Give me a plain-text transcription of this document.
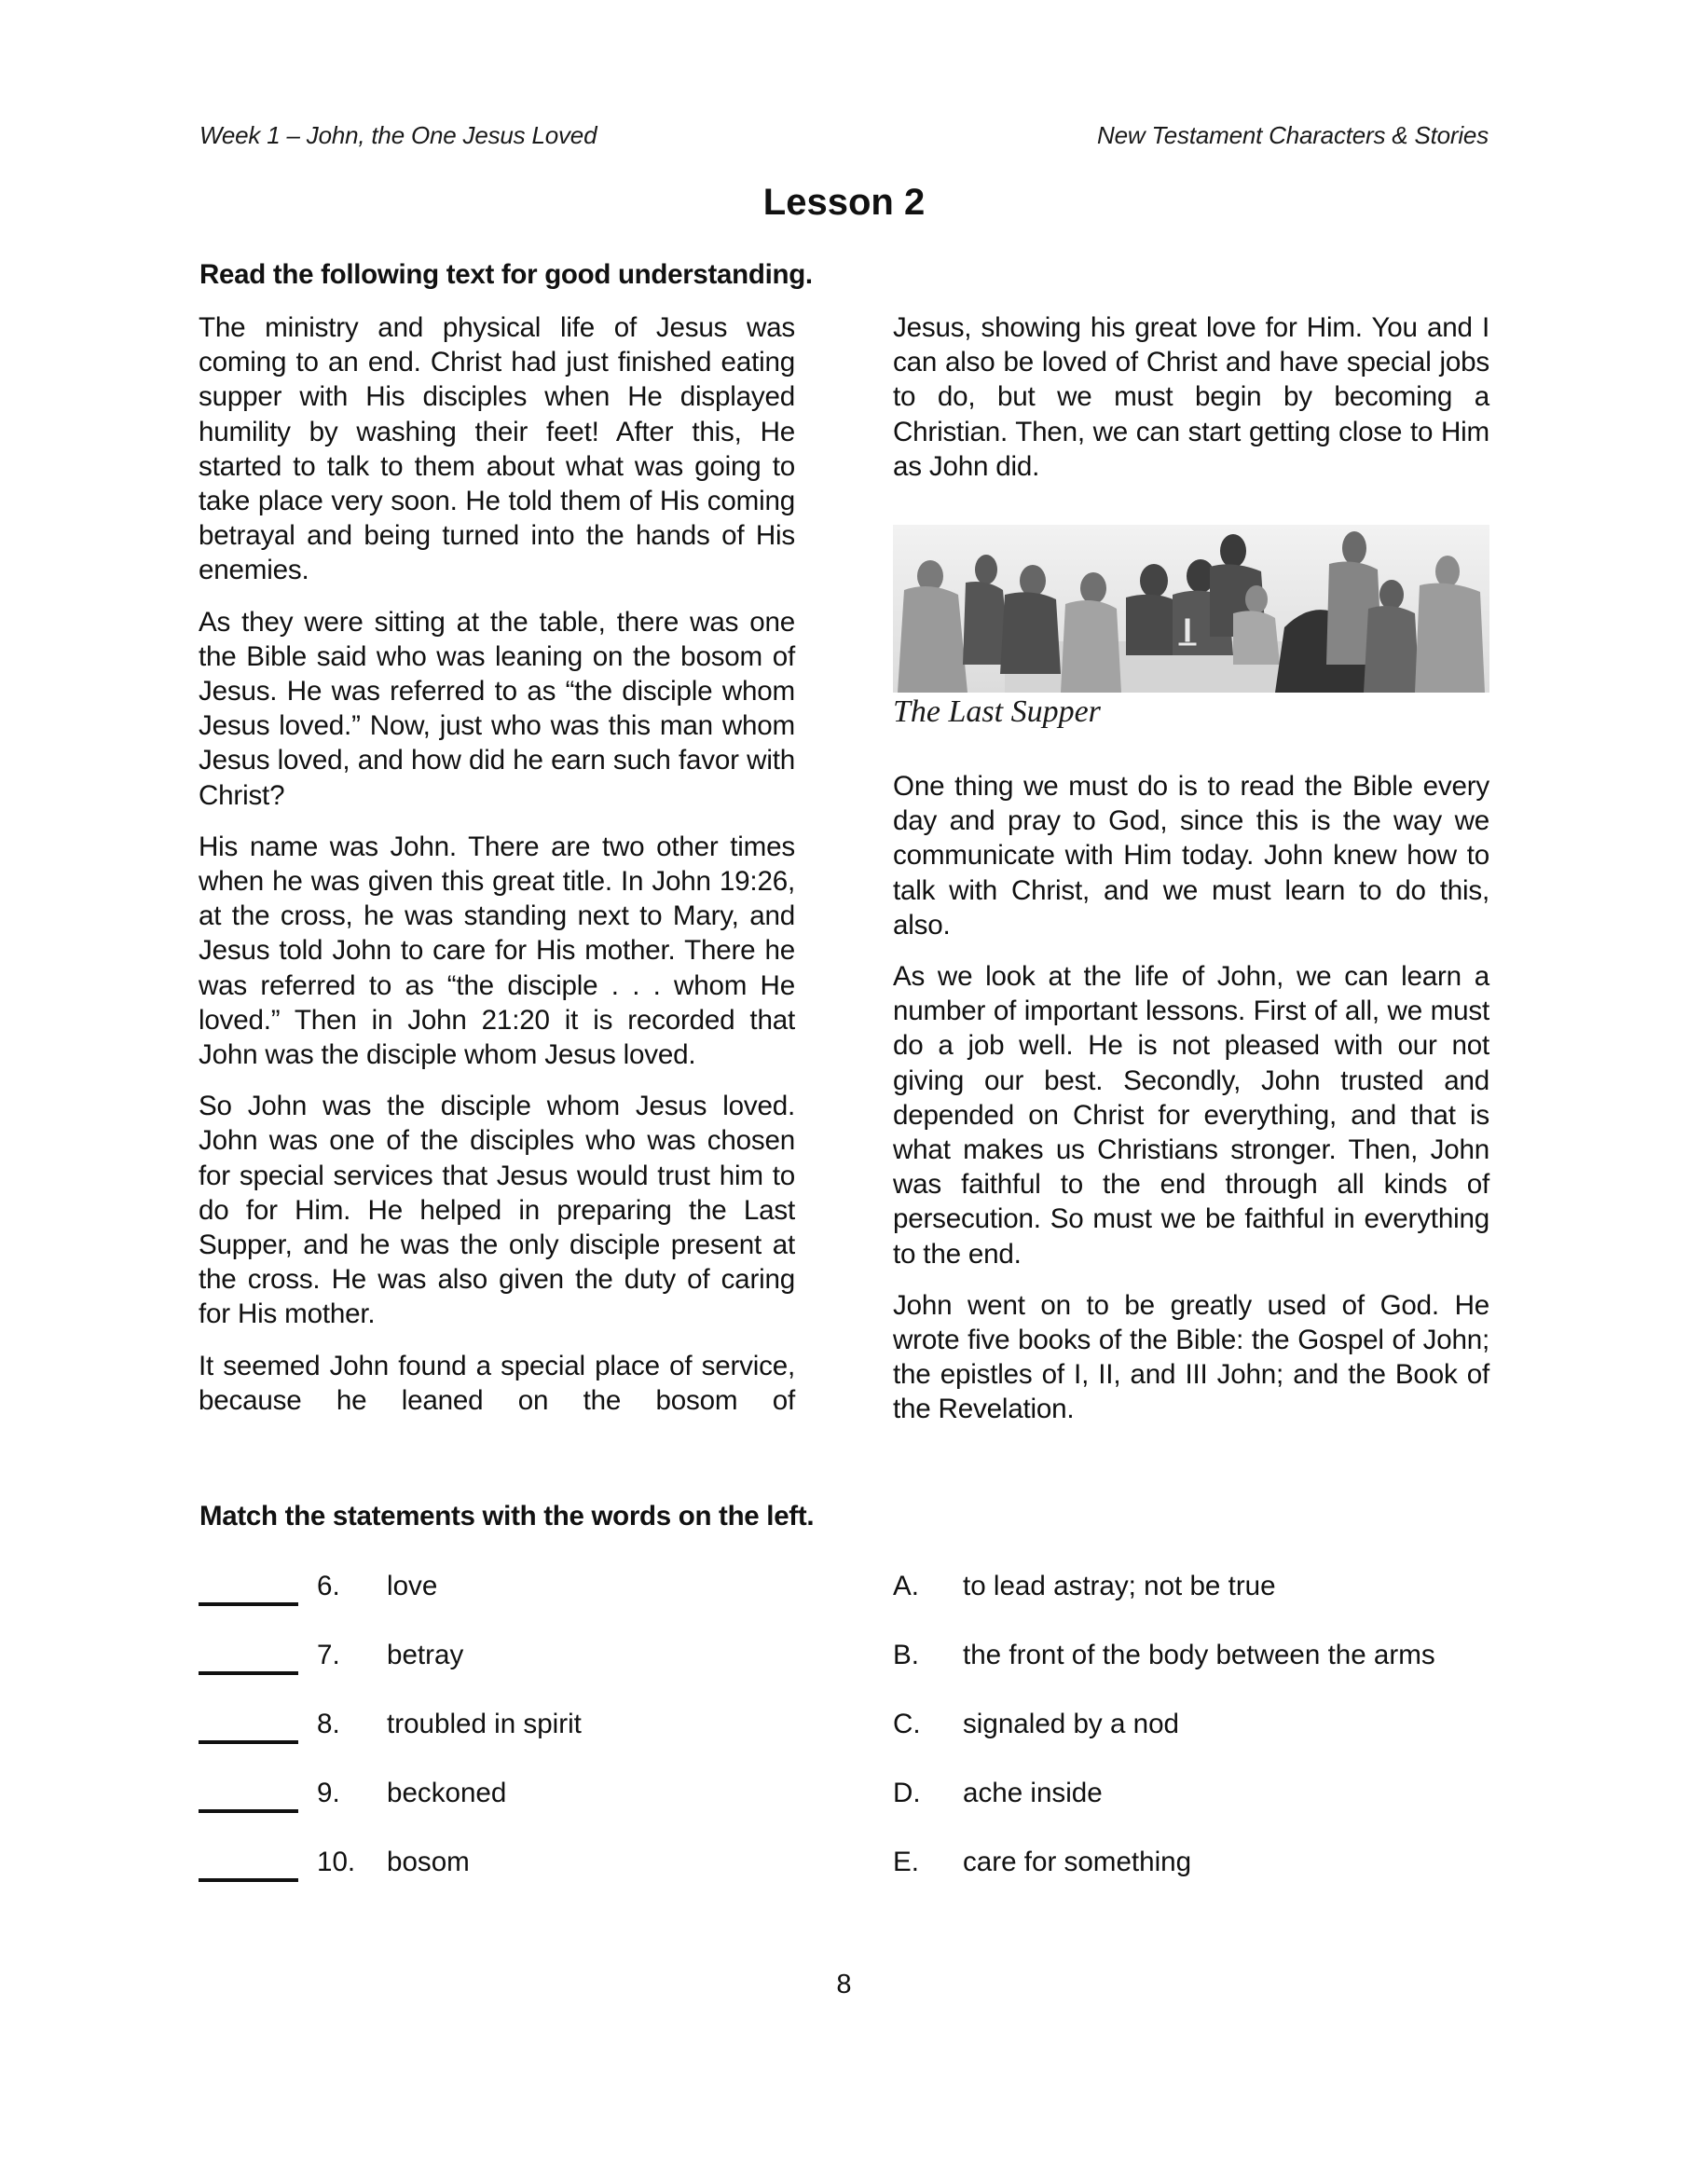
Week 1 – John, the One Jesus Loved	New Testament Characters & Stories
Lesson 2
Read the following text for good understanding.

The ministry and physical life of Jesus was coming to an end. Christ had just finished eating supper with His disciples when He displayed humility by washing their feet! After this, He started to talk to them about what was going to take place very soon. He told them of His coming betrayal and being turned into the hands of His enemies.

As they were sitting at the table, there was one the Bible said who was leaning on the bosom of Jesus. He was referred to as “the disciple whom Jesus loved.” Now, just who was this man whom Jesus loved, and how did he earn such favor with Christ?

His name was John. There are two other times when he was given this great title. In John 19:26, at the cross, he was standing next to Mary, and Jesus told John to care for His mother. There he was referred to as “the disciple . . . whom He loved.” Then in John 21:20 it is recorded that John was the disciple whom Jesus loved.

So John was the disciple whom Jesus loved. John was one of the disciples who was chosen for special services that Jesus would trust him to do for Him. He helped in preparing the Last Supper, and he was the only disciple present at the cross. He was also given the duty of caring for His mother.

It seemed John found a special place of service, because he leaned on the bosom of

Jesus, showing his great love for Him. You and I can also be loved of Christ and have special jobs to do, but we must begin by becoming a Christian. Then, we can start getting close to Him as John did.

The Last Supper

One thing we must do is to read the Bible every day and pray to God, since this is the way we communicate with Him today. John knew how to talk with Christ, and we must learn to do this, also.

As we look at the life of John, we can learn a number of important lessons. First of all, we must do a job well. He is not pleased with our not giving our best. Secondly, John trusted and depended on Christ for everything, and that is what makes us Christians stronger. Then, John was faithful to the end through all kinds of persecution. So must we be faithful in everything to the end.

John went on to be greatly used of God. He wrote five books of the Bible: the Gospel of John; the epistles of I, II, and III John; and the Book of the Revelation.

Match the statements with the words on the left.
6. love
7. betray
8. troubled in spirit
9. beckoned
10. bosom
A. to lead astray; not be true
B. the front of the body between the arms
C. signaled by a nod
D. ache inside
E. care for something
8
